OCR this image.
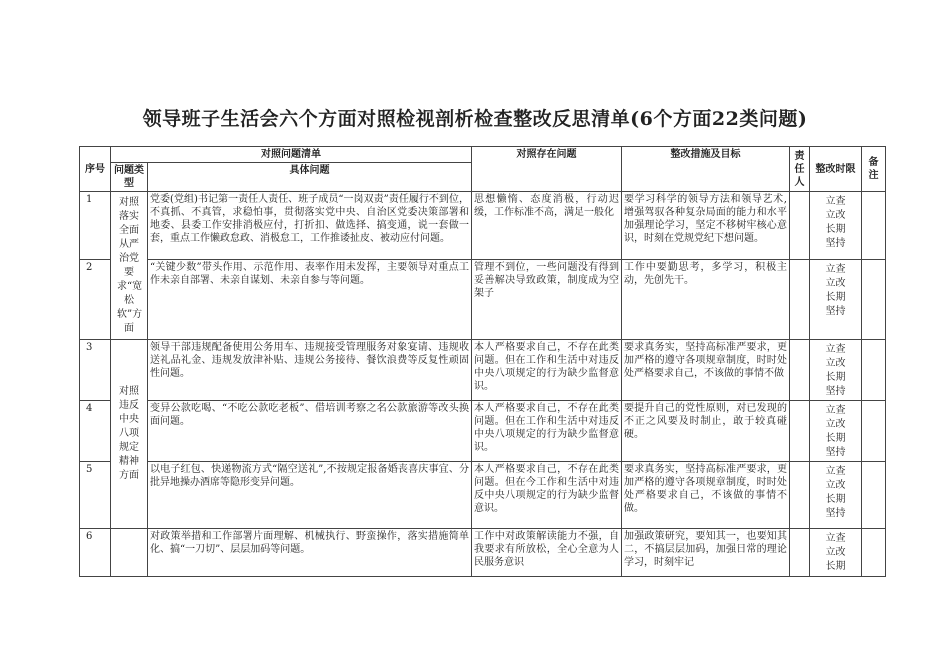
领导班子生活会六个方面对照检视剖析检查整改反思清单(6个方面22类问题)
序号	对照问题清单		对照存在问题	整改措施及目标	责任人	整改时限	备注
	问题类型	具体问题					
1	对照落实全面从严治党要求“宽松软”方面	党委(党组)书记第一责任人责任、班子成员“一岗双责”责任履行不到位，不真抓、不真管，求稳怕事，贯彻落实党中央、自治区党委决策部署和地委、县委工作安排消极应付，打折扣、做选择、搞变通，说一套做一套，重点工作懒政怠政、消极怠工，工作推诿扯皮、被动应付问题。	思想懒惰、态度消极，行动迟缓，工作标准不高，满足一般化	要学习科学的领导方法和领导艺术,增强驾驭各种复杂局面的能力和水平加强理论学习，坚定不移树牢核心意识，时刻在党规党纪下想问题。		立查
立改
长期
坚持	

2		“关键少数”带头作用、示范作用、表率作用未发挥，主要领导对重点工作未亲自部署、未亲自谋划、未亲自参与等问题。	管理不到位，一些问题没有得到妥善解决导致政策，制度成为空架子	工作中要勤思考，多学习，积极主动，先创先干。		立查
立改
长期
坚持	

3	对照违反中央八项规定精神方面	领导干部违规配备使用公务用车、违规接受管理服务对象宴请、违规收送礼品礼金、违规发放津补贴、违规公务接待、餐饮浪费等反复性顽固性问题。	本人严格要求自己，不存在此类问题。但在工作和生活中对违反中央八项规定的行为缺少监督意识。	要求真务实，坚持高标准严要求，更加严格的遵守各项规章制度，时时处处严格要求自己，不该做的事情不做		立查
立改
长期
坚持	

4		变异公款吃喝、“不吃公款吃老板”、借培训考察之名公款旅游等改头换面问题。	本人严格要求自己，不存在此类问题。但在工作和生活中对违反中央八项规定的行为缺少监督意识。	要提升自己的党性原则，对已发现的不正之风要及时制止，敢于较真碰硬。		立查
立改
长期
坚持	

5		以电子红包、快递物流方式“隔空送礼”,不按规定报备婚丧喜庆事宜、分批异地操办酒席等隐形变异问题。	本人严格要求自己，不存在此类问题。但在今工作和生活中对违反中央八项规定的行为缺少监督意识。	要求真务实，坚持高标准严要求，更加严格的遵守各项规章制度，时时处处严格要求自己，不该做的事情不做。		立查
立改
长期
坚持	

6		对政策举措和工作部署片面理解、机械执行、野蛮操作，落实措施简单化、搞“一刀切”、层层加码等问题。	工作中对政策解读能力不强，自我要求有所放松，全心全意为人民服务意识	加强政策研究，要知其一，也要知其二，不搞层层加码，加强日常的理论学习，时刻牢记		立查
立改
长期	
